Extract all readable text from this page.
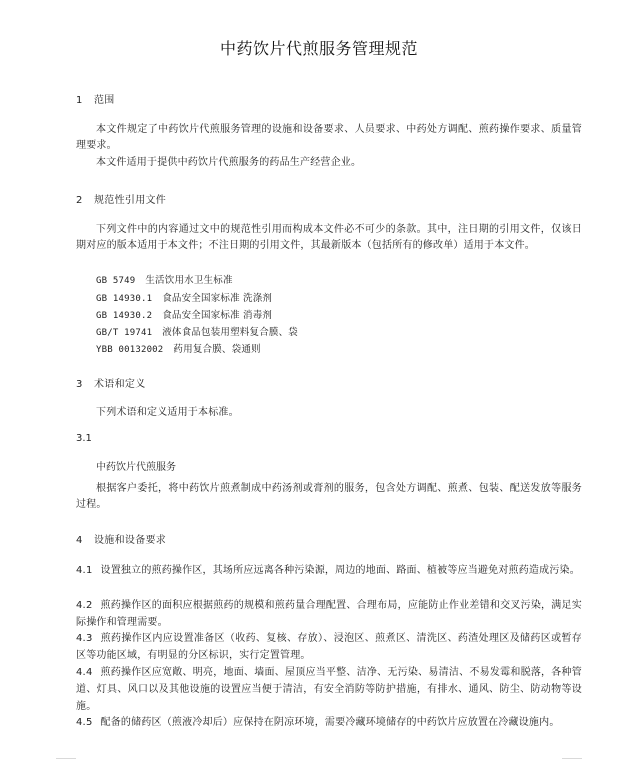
中药饮片代煎服务管理规范
1 范围
本文件规定了中药饮片代煎服务管理的设施和设备要求、人员要求、中药处方调配、煎药操作要求、质量管理要求。
本文件适用于提供中药饮片代煎服务的药品生产经营企业。
2 规范性引用文件
下列文件中的内容通过文中的规范性引用而构成本文件必不可少的条款。其中，注日期的引用文件，仅该日期对应的版本适用于本文件；不注日期的引用文件，其最新版本（包括所有的修改单）适用于本文件。
GB 5749 生活饮用水卫生标准
GB 14930.1 食品安全国家标准 洗涤剂
GB 14930.2 食品安全国家标准 消毒剂
GB/T 19741 液体食品包装用塑料复合膜、袋
YBB 00132002 药用复合膜、袋通则
3 术语和定义
下列术语和定义适用于本标准。
3.1
中药饮片代煎服务
根据客户委托，将中药饮片煎煮制成中药汤剂或膏剂的服务，包含处方调配、煎煮、包装、配送发放等服务过程。
4 设施和设备要求
4.1 设置独立的煎药操作区，其场所应远离各种污染源，周边的地面、路面、植被等应当避免对煎药造成污染。
4.2 煎药操作区的面积应根据煎药的规模和煎药量合理配置、合理布局，应能防止作业差错和交叉污染，满足实际操作和管理需要。
4.3 煎药操作区内应设置准备区（收药、复核、存放）、浸泡区、煎煮区、清洗区、药渣处理区及储药区或暂存区等功能区域，有明显的分区标识，实行定置管理。
4.4 煎药操作区应宽敞、明亮，地面、墙面、屋顶应当平整、洁净、无污染、易清洁、不易发霉和脱落，各种管道、灯具、风口以及其他设施的设置应当便于清洁，有安全消防等防护措施，有排水、通风、防尘、防动物等设施。
4.5 配备的储药区（煎液冷却后）应保持在阴凉环境，需要冷藏环境储存的中药饮片应放置在冷藏设施内。
